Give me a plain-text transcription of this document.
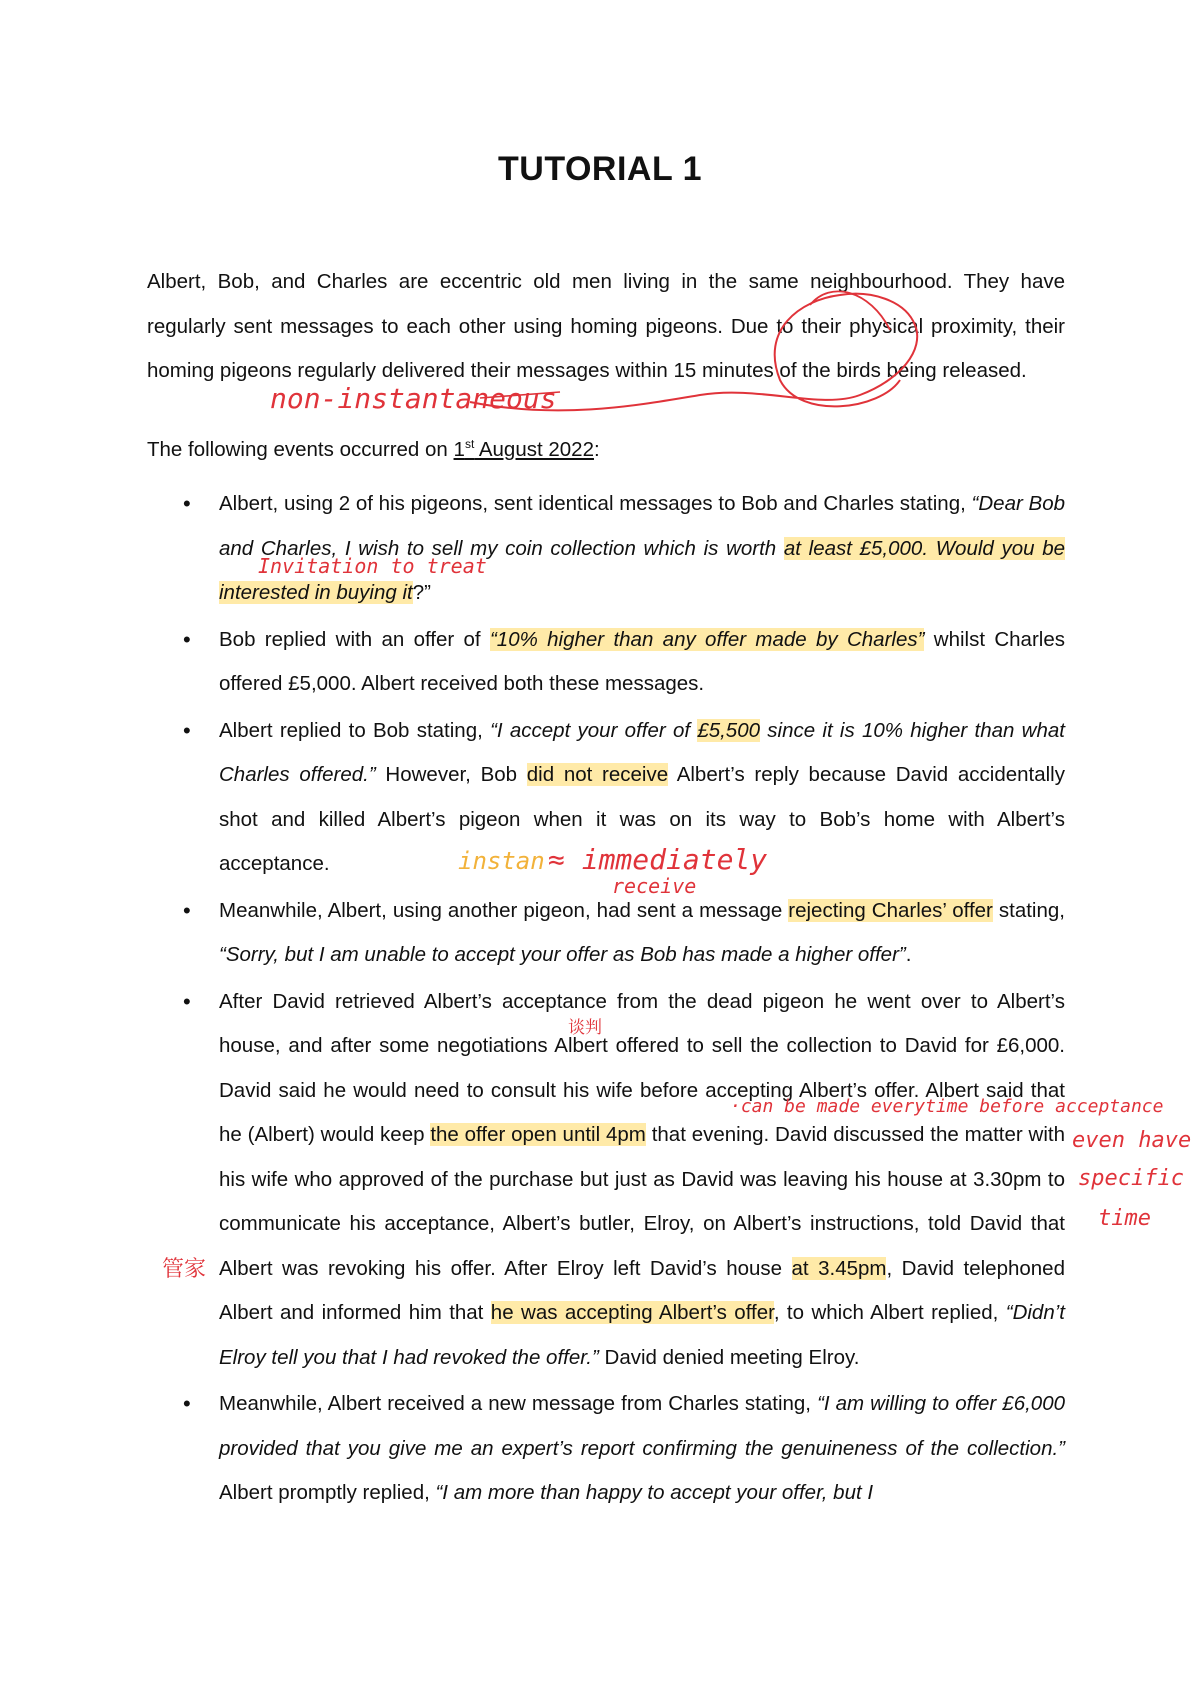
TUTORIAL 1

Albert, Bob, and Charles are eccentric old men living in the same neighbourhood. They have regularly sent messages to each other using homing pigeons. Due to their physical proximity, their homing pigeons regularly delivered their messages within 15 minutes of the birds being released.

The following events occurred on 1st August 2022:
• Albert, using 2 of his pigeons, sent identical messages to Bob and Charles stating, “Dear Bob and Charles, I wish to sell my coin collection which is worth at least £5,000. Would you be interested in buying it?”
• Bob replied with an offer of “10% higher than any offer made by Charles” whilst Charles offered £5,000. Albert received both these messages.
• Albert replied to Bob stating, “I accept your offer of £5,500 since it is 10% higher than what Charles offered.” However, Bob did not receive Albert’s reply because David accidentally shot and killed Albert’s pigeon when it was on its way to Bob’s home with Albert’s acceptance.
• Meanwhile, Albert, using another pigeon, had sent a message rejecting Charles’ offer stating, “Sorry, but I am unable to accept your offer as Bob has made a higher offer”.
• After David retrieved Albert’s acceptance from the dead pigeon he went over to Albert’s house, and after some negotiations Albert offered to sell the collection to David for £6,000. David said he would need to consult his wife before accepting Albert’s offer. Albert said that he (Albert) would keep the offer open until 4pm that evening. David discussed the matter with his wife who approved of the purchase but just as David was leaving his house at 3.30pm to communicate his acceptance, Albert’s butler, Elroy, on Albert’s instructions, told David that Albert was revoking his offer. After Elroy left David’s house at 3.45pm, David telephoned Albert and informed him that he was accepting Albert’s offer, to which Albert replied, “Didn’t Elroy tell you that I had revoked the offer.” David denied meeting Elroy.
• Meanwhile, Albert received a new message from Charles stating, “I am willing to offer £6,000 provided that you give me an expert’s report confirming the genuineness of the collection.” Albert promptly replied, “I am more than happy to accept your offer, but I
non-instantaneous
Invitation to treat
instan ≈ immediately
receive
谈判
·can be made everytime before acceptance
even have
specific
time
管家
